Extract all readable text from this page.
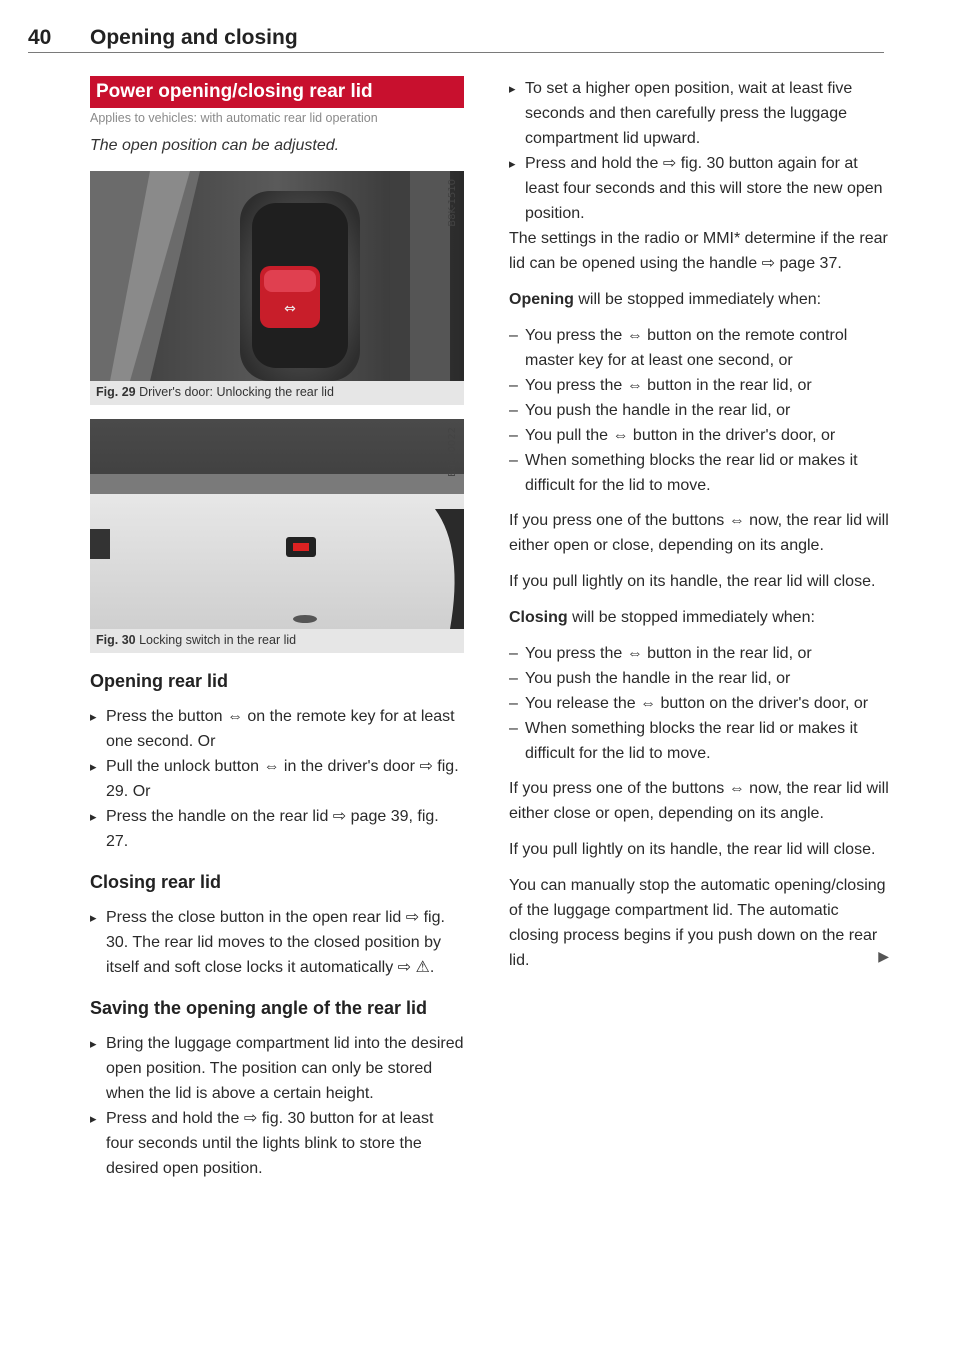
40 Opening and closing
Power opening/closing rear lid
Applies to vehicles: with automatic rear lid operation
The open position can be adjusted.
⇔
B8K-1510
Fig. 29 Driver's door: Unlocking the rear lid
B4G-0022
Fig. 30 Locking switch in the rear lid
Opening rear lid
▸ Press the button ⇔ on the remote key for at least one second. Or
▸ Pull the unlock button ⇔ in the driver's door ⇨ fig. 29. Or
▸ Press the handle on the rear lid ⇨ page 39, fig. 27.
Closing rear lid
▸ Press the close button in the open rear lid ⇨ fig. 30. The rear lid moves to the closed position by itself and soft close locks it automatically ⇨ ⚠.
Saving the opening angle of the rear lid
▸ Bring the luggage compartment lid into the desired open position. The position can only be stored when the lid is above a certain height.
▸ Press and hold the ⇨ fig. 30 button for at least four seconds until the lights blink to store the desired open position.
▸ To set a higher open position, wait at least five seconds and then carefully press the luggage compartment lid upward.
▸ Press and hold the ⇨ fig. 30 button again for at least four seconds and this will store the new open position.

The settings in the radio or MMI* determine if the rear lid can be opened using the handle ⇨ page 37.

Opening will be stopped immediately when:

– You press the ⇔ button on the remote control master key for at least one second, or
– You press the ⇔ button in the rear lid, or
– You push the handle in the rear lid, or
– You pull the ⇔ button in the driver's door, or
– When something blocks the rear lid or makes it difficult for the lid to move.

If you press one of the buttons ⇔ now, the rear lid will either open or close, depending on its angle.

If you pull lightly on its handle, the rear lid will close.

Closing will be stopped immediately when:

– You press the ⇔ button in the rear lid, or
– You push the handle in the rear lid, or
– You release the ⇔ button on the driver's door, or
– When something blocks the rear lid or makes it difficult for the lid to move.

If you press one of the buttons ⇔ now, the rear lid will either close or open, depending on its angle.

If you pull lightly on its handle, the rear lid will close.

You can manually stop the automatic opening/closing of the luggage compartment lid. The automatic closing process begins if you push down on the rear lid.	▶
